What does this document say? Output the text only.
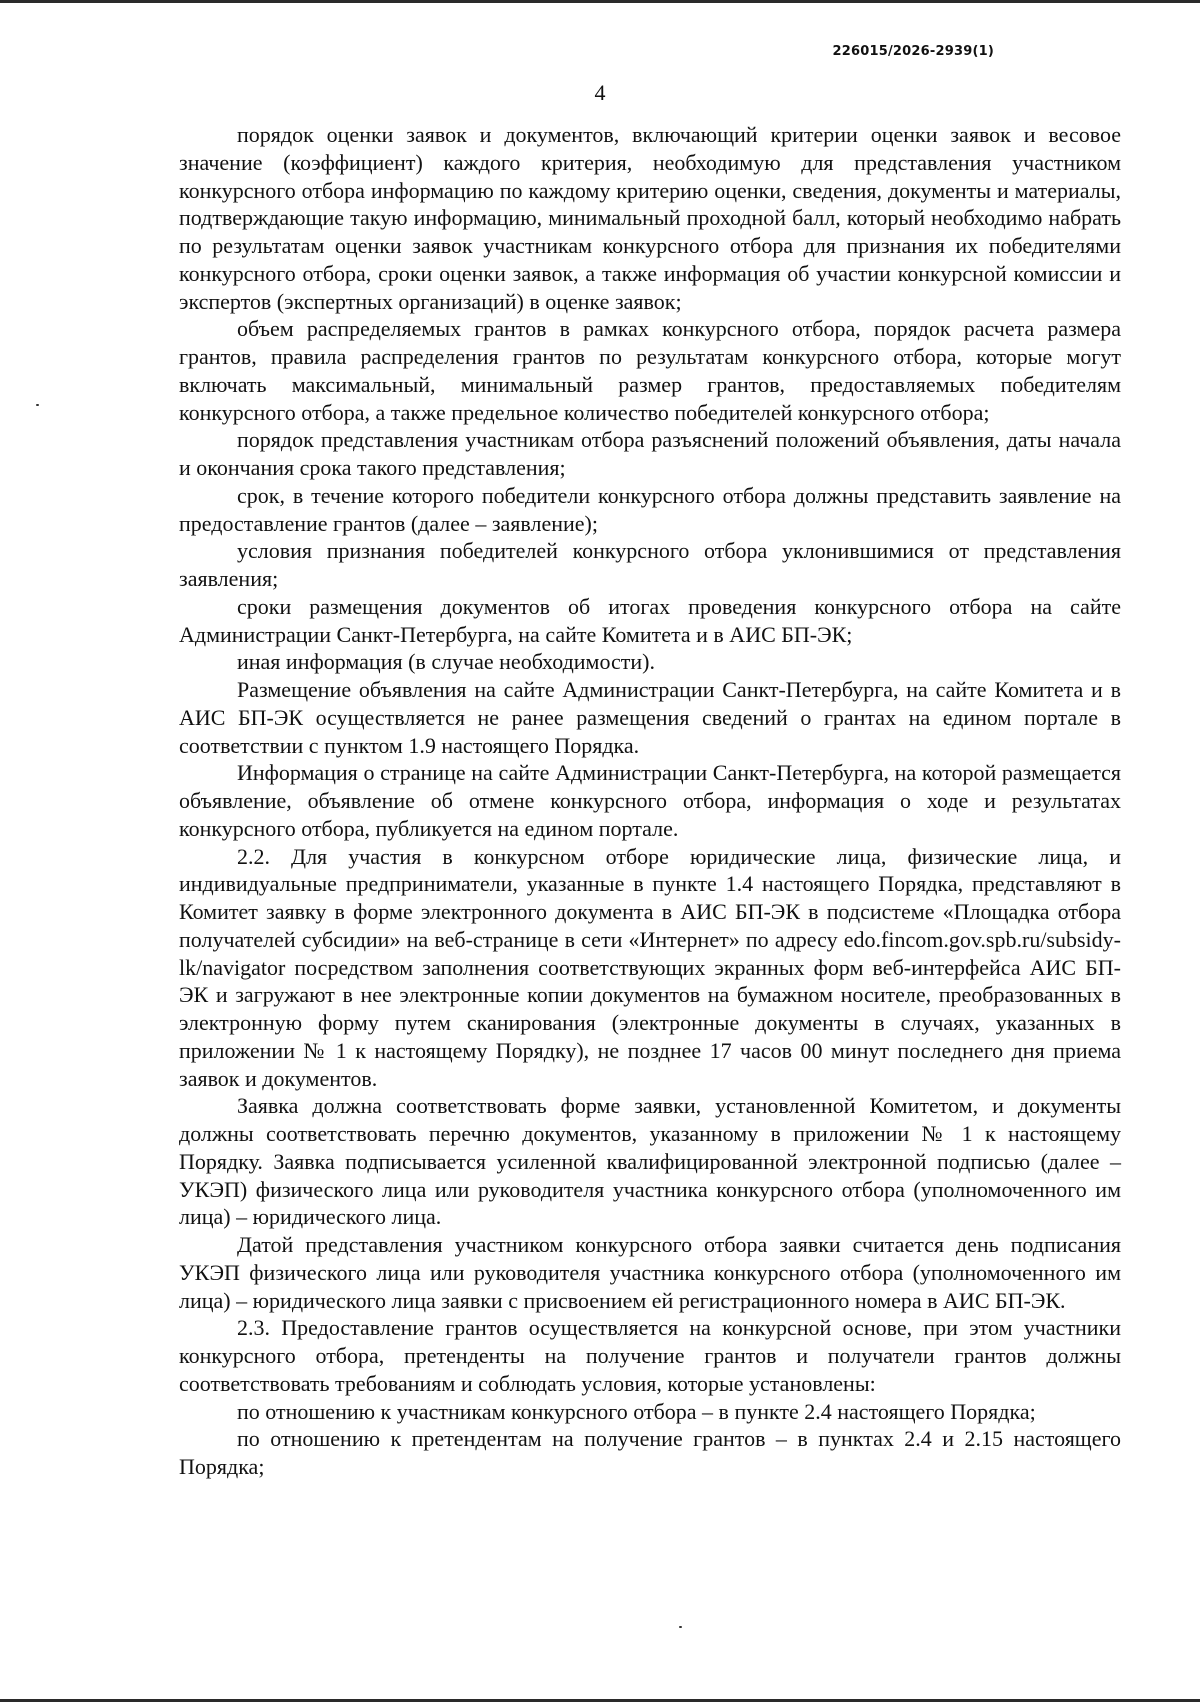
226015/2026-2939(1)
4

порядок оценки заявок и документов, включающий критерии оценки заявок и весовое значение (коэффициент) каждого критерия, необходимую для представления участником конкурсного отбора информацию по каждому критерию оценки, сведения, документы и материалы, подтверждающие такую информацию, минимальный проходной балл, который необходимо набрать по результатам оценки заявок участникам конкурсного отбора для признания их победителями конкурсного отбора, сроки оценки заявок, а также информация об участии конкурсной комиссии и экспертов (экспертных организаций) в оценке заявок;

объем распределяемых грантов в рамках конкурсного отбора, порядок расчета размера грантов, правила распределения грантов по результатам конкурсного отбора, которые могут включать максимальный, минимальный размер грантов, предоставляемых победителям конкурсного отбора, а также предельное количество победителей конкурсного отбора;

порядок представления участникам отбора разъяснений положений объявления, даты начала и окончания срока такого представления;

срок, в течение которого победители конкурсного отбора должны представить заявление на предоставление грантов (далее – заявление);

условия признания победителей конкурсного отбора уклонившимися от представления заявления;

сроки размещения документов об итогах проведения конкурсного отбора на сайте Администрации Санкт-Петербурга, на сайте Комитета и в АИС БП-ЭК;

иная информация (в случае необходимости).

Размещение объявления на сайте Администрации Санкт-Петербурга, на сайте Комитета и в АИС БП-ЭК осуществляется не ранее размещения сведений о грантах на едином портале в соответствии с пунктом 1.9 настоящего Порядка.

Информация о странице на сайте Администрации Санкт-Петербурга, на которой размещается объявление, объявление об отмене конкурсного отбора, информация о ходе и результатах конкурсного отбора, публикуется на едином портале.

2.2. Для участия в конкурсном отборе юридические лица, физические лица, и индивидуальные предприниматели, указанные в пункте 1.4 настоящего Порядка, представляют в Комитет заявку в форме электронного документа в АИС БП-ЭК в подсистеме «Площадка отбора получателей субсидии» на веб-странице в сети «Интернет» по адресу edo.fincom.gov.spb.ru/subsidy-lk/navigator посредством заполнения соответствующих экранных форм веб-интерфейса АИС БП-ЭК и загружают в нее электронные копии документов на бумажном носителе, преобразованных в электронную форму путем сканирования (электронные документы в случаях, указанных в приложении № 1 к настоящему Порядку), не позднее 17 часов 00 минут последнего дня приема заявок и документов.

Заявка должна соответствовать форме заявки, установленной Комитетом, и документы должны соответствовать перечню документов, указанному в приложении № 1 к настоящему Порядку. Заявка подписывается усиленной квалифицированной электронной подписью (далее – УКЭП) физического лица или руководителя участника конкурсного отбора (уполномоченного им лица) – юридического лица.

Датой представления участником конкурсного отбора заявки считается день подписания УКЭП физического лица или руководителя участника конкурсного отбора (уполномоченного им лица) – юридического лица заявки с присвоением ей регистрационного номера в АИС БП-ЭК.

2.3. Предоставление грантов осуществляется на конкурсной основе, при этом участники конкурсного отбора, претенденты на получение грантов и получатели грантов должны соответствовать требованиям и соблюдать условия, которые установлены:

по отношению к участникам конкурсного отбора – в пункте 2.4 настоящего Порядка;

по отношению к претендентам на получение грантов – в пунктах 2.4 и 2.15 настоящего Порядка;
